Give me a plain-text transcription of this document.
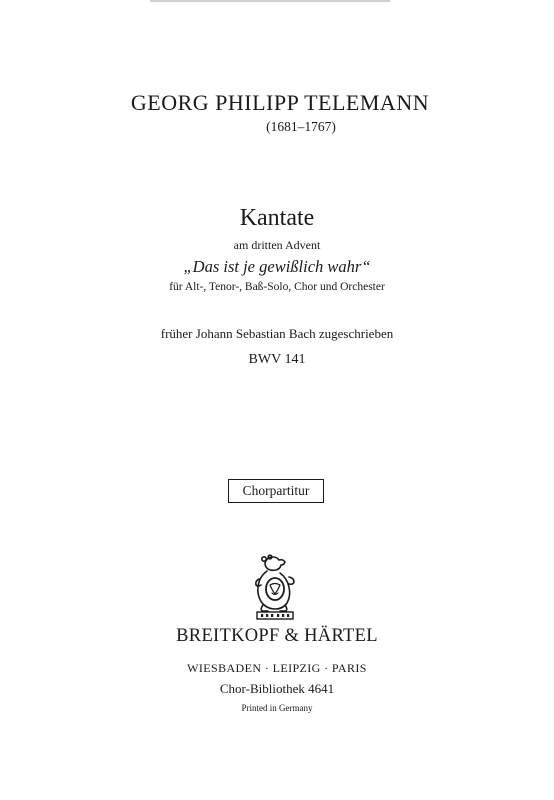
GEORG PHILIPP TELEMANN
(1681–1767)
Kantate
am dritten Advent
„Das ist je gewißlich wahr“
für Alt-, Tenor-, Baß-Solo, Chor und Orchester
früher Johann Sebastian Bach zugeschrieben
BWV 141
Chorpartitur
BREITKOPF & HÄRTEL
WIESBADEN · LEIPZIG · PARIS
Chor-Bibliothek 4641
Printed in Germany
